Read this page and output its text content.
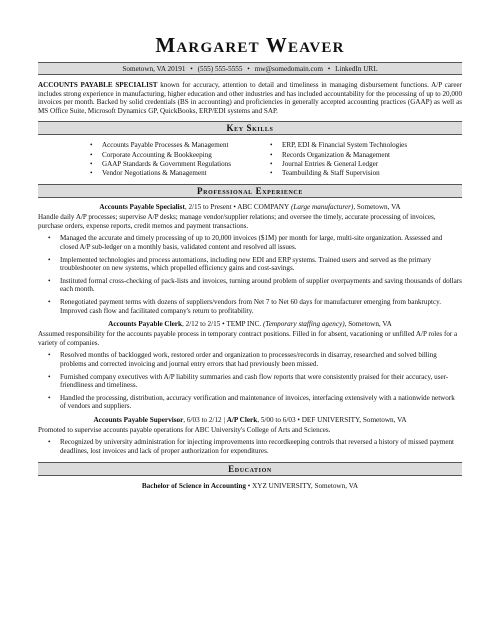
Margaret Weaver
Sometown, VA 20191 • (555) 555-5555 • mw@somedomain.com • LinkedIn URL

ACCOUNTS PAYABLE SPECIALIST known for accuracy, attention to detail and timeliness in managing disbursement functions. A/P career includes strong experience in manufacturing, higher education and other industries and has included accountability for the processing of up to 20,000 invoices per month. Backed by solid credentials (BS in accounting) and proficiencies in generally accepted accounting practices (GAAP) as well as MS Office Suite, Microsoft Dynamics GP, QuickBooks, ERP/EDI systems and SAP.

Key Skills
• Accounts Payable Processes & Management
• Corporate Accounting & Bookkeeping
• GAAP Standards & Government Regulations
• Vendor Negotiations & Management
• ERP, EDI & Financial System Technologies
• Records Organization & Management
• Journal Entries & General Ledger
• Teambuilding & Staff Supervision
Professional Experience
Accounts Payable Specialist, 2/15 to Present • ABC COMPANY (Large manufacturer), Sometown, VA

Handle daily A/P processes; supervise A/P desks; manage vendor/supplier relations; and oversee the timely, accurate processing of invoices, purchase orders, expense reports, credit memos and payment transactions.

• Managed the accurate and timely processing of up to 20,000 invoices ($1M) per month for large, multi-site organization. Assessed and closed A/P sub-ledger on a monthly basis, validated content and resolved all issues.
• Implemented technologies and process automations, including new EDI and ERP systems. Trained users and served as the primary troubleshooter on new systems, which propelled efficiency gains and cost-savings.
• Instituted formal cross-checking of pack-lists and invoices, turning around problem of supplier overpayments and saving thousands of dollars each month.
• Renegotiated payment terms with dozens of suppliers/vendors from Net 7 to Net 60 days for manufacturer emerging from bankruptcy. Improved cash flow and facilitated company's return to profitability.
Accounts Payable Clerk, 2/12 to 2/15 • TEMP INC. (Temporary staffing agency), Sometown, VA

Assumed responsibility for the accounts payable process in temporary contract positions. Filled in for absent, vacationing or unfilled A/P roles for a variety of companies.

• Resolved months of backlogged work, restored order and organization to processes/records in disarray, researched and solved billing problems and corrected invoicing and journal entry errors that had previously been missed.
• Furnished company executives with A/P liability summaries and cash flow reports that were consistently praised for their accuracy, user-friendliness and timeliness.
• Handled the processing, distribution, accuracy verification and maintenance of invoices, interfacing extensively with a nationwide network of vendors and suppliers.
Accounts Payable Supervisor, 6/03 to 2/12 | A/P Clerk, 5/00 to 6/03 • DEF UNIVERSITY, Sometown, VA

Promoted to supervise accounts payable operations for ABC University's College of Arts and Sciences.

• Recognized by university administration for injecting improvements into recordkeeping controls that reversed a history of missed payment deadlines, lost invoices and lack of proper authorization for expenditures.
Education
Bachelor of Science in Accounting • XYZ UNIVERSITY, Sometown, VA
